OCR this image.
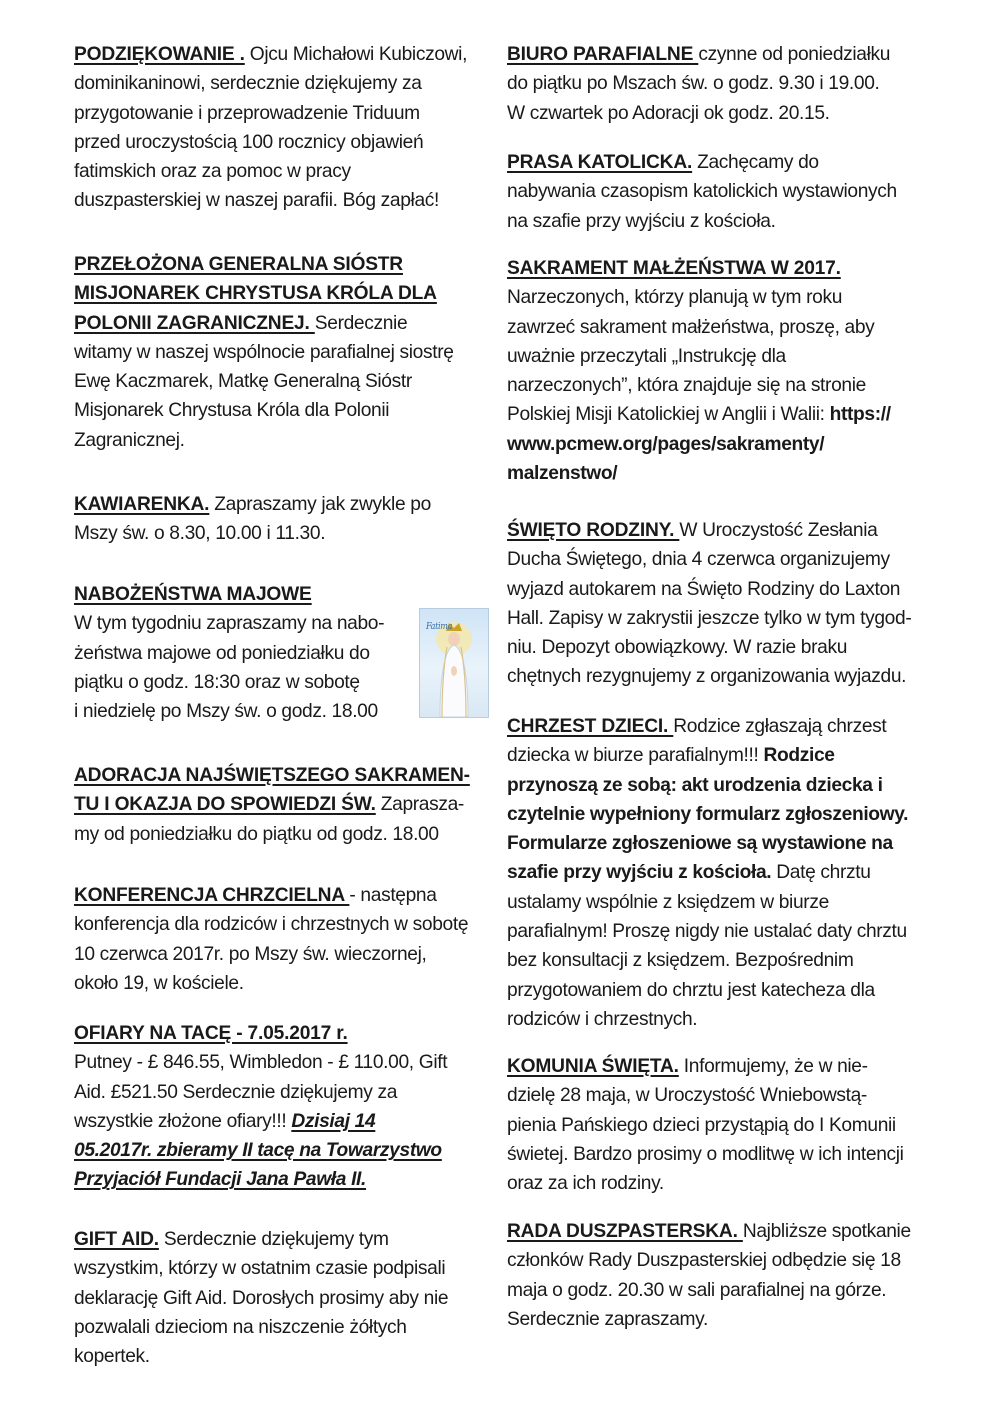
PODZIĘKOWANIE . Ojcu Michałowi Kubiczowi,

dominikaninowi, serdecznie dziękujemy za

przygotowanie i przeprowadzenie Triduum

przed uroczystością 100 rocznicy objawień

fatimskich oraz za pomoc w pracy

duszpasterskiej w naszej parafii. Bóg zapłać!

PRZEŁOŻONA GENERALNA SIÓSTR

MISJONAREK CHRYSTUSA KRÓLA DLA

POLONII ZAGRANICZNEJ. Serdecznie

witamy w naszej wspólnocie parafialnej siostrę

Ewę Kaczmarek, Matkę Generalną Sióstr

Misjonarek Chrystusa Króla dla Polonii

Zagranicznej.

KAWIARENKA. Zapraszamy jak zwykle po

Mszy św. o 8.30, 10.00 i 11.30.

NABOŻEŃSTWA MAJOWE

W tym tygodniu zapraszamy na nabo-

żeństwa majowe od poniedziałku do

piątku o godz. 18:30 oraz w sobotę

i niedzielę po Mszy św. o godz. 18.00

Fatima

ADORACJA NAJŚWIĘTSZEGO SAKRAMEN-

TU I OKAZJA DO SPOWIEDZI ŚW. Zaprasza-

my od poniedziałku do piątku od godz. 18.00

KONFERENCJA CHRZCIELNA - następna

konferencja dla rodziców i chrzestnych w sobotę

10 czerwca 2017r. po Mszy św. wieczornej,

około 19, w kościele.

OFIARY NA TACĘ - 7.05.2017 r.

Putney - £ 846.55, Wimbledon - £ 110.00, Gift

Aid. £521.50 Serdecznie dziękujemy za

wszystkie złożone ofiary!!! Dzisiaj 14

05.2017r. zbieramy II tacę na Towarzystwo

Przyjaciół Fundacji Jana Pawła II.

GIFT AID. Serdecznie dziękujemy tym

wszystkim, którzy w ostatnim czasie podpisali

deklarację Gift Aid. Dorosłych prosimy aby nie

pozwalali dzieciom na niszczenie żółtych

kopertek.

BIURO PARAFIALNE czynne od poniedziałku

do piątku po Mszach św. o godz. 9.30 i 19.00.

W czwartek po Adoracji ok godz. 20.15.

PRASA KATOLICKA. Zachęcamy do

nabywania czasopism katolickich wystawionych

na szafie przy wyjściu z kościoła.

SAKRAMENT MAŁŻEŃSTWA W 2017.

Narzeczonych, którzy planują w tym roku

zawrzeć sakrament małżeństwa, proszę, aby

uważnie przeczytali „Instrukcję dla

narzeczonych”, która znajduje się na stronie

Polskiej Misji Katolickiej w Anglii i Walii: https://

www.pcmew.org/pages/sakramenty/

malzenstwo/

ŚWIĘTO RODZINY. W Uroczystość Zesłania

Ducha Świętego, dnia 4 czerwca organizujemy

wyjazd autokarem na Święto Rodziny do Laxton

Hall. Zapisy w zakrystii jeszcze tylko w tym tygod-

niu. Depozyt obowiązkowy. W razie braku

chętnych rezygnujemy z organizowania wyjazdu.

CHRZEST DZIECI. Rodzice zgłaszają chrzest

dziecka w biurze parafialnym!!! Rodzice

przynoszą ze sobą: akt urodzenia dziecka i

czytelnie wypełniony formularz zgłoszeniowy.

Formularze zgłoszeniowe są wystawione na

szafie przy wyjściu z kościoła. Datę chrztu

ustalamy wspólnie z księdzem w biurze

parafialnym! Proszę nigdy nie ustalać daty chrztu

bez konsultacji z księdzem. Bezpośrednim

przygotowaniem do chrztu jest katecheza dla

rodziców i chrzestnych.

KOMUNIA ŚWIĘTA. Informujemy, że w nie-

dzielę 28 maja, w Uroczystość Wniebowstą-

pienia Pańskiego dzieci przystąpią do I Komunii

świetej. Bardzo prosimy o modlitwę w ich intencji

oraz za ich rodziny.

RADA DUSZPASTERSKA. Najbliższe spotkanie

członków Rady Duszpasterskiej odbędzie się 18

maja o godz. 20.30 w sali parafialnej na górze.

Serdecznie zapraszamy.
